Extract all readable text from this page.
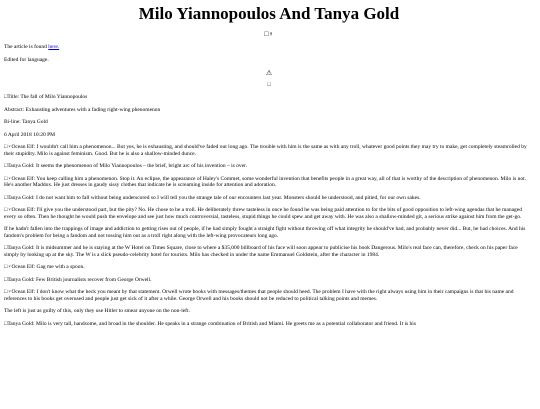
Milo Yiannopoulos And Tanya Gold
□♀

The article is found here.

Edited for language.

⚠
□

□Title: The fall of Milo Yiannopoulos

Abstract: Exhausting adventures with a fading right-wing phenomenon

Bi-line: Tanya Gold

6 April 2018 10:20 PM

□♀Ocean Elf: I wouldn't call him a phenomenon... But yes, he is exhausting, and should've faded out long ago. The trouble with him is the same as with any troll, whatever good points they may try to make, get completely steamrolled by their stupidity. Milo is against feminism. Good. But he is also a shallow-minded dunce.

□Tanya Gold: It seems the phenomenon of Milo Yiannopoulos – the brief, bright arc of his invention – is over.

□♀Ocean Elf: You keep calling him a phenomenon. Stop it. An eclipse, the appearance of Haley's Commet, some wonderful invention that benefits people in a great way, all of that is worthy of the description of phenomenon. Milo is not. He's another Maddox. He just dresses in gaudy sissy clothes that indicate he is screaming inside for attention and adoration.

□Tanya Gold: I do not want him to fall without being underscored so I will tell you the strange tale of our encounters last year. Monsters should be understood, and pitied, for our own sakes.

□♀Ocean Elf: I'll give you the understood part, but the pity? No. He chose to be a troll. He deliberately threw tasteless in once he found he was being paid attention to for the bits of good opposition to left-wing agendas that he managed every so often. Then he thought he would push the envelope and see just how much controversial, tasteless, stupid things he could spew and get away with. He was also a shallow-minded git, a serious strike against him from the get-go.

If he hadn't fallen into the trappings of image and addiction to getting rises out of people, if he had simply fought a straight fight without throwing off what integrity he should've had, and probably never did... But, he had choices. And his fandom's problem for being a fandom and not tossing him out as a troll right along with the left-wing provocateurs long ago.

□Tanya Gold: It is midsummer and he is staying at the W Hotel on Times Square, close to where a $35,000 billboard of his face will soon appear to publicise his book Dangerous. Milo's real face can, therefore, check on his paper face simply by looking up at the sky. The W is a slick pseudo-celebrity hotel for tourists. Milo has checked in under the name Emmanuel Goldstein, after the character in 1984.

□♀Ocean Elf: Gag me with a spoon.

□Tanya Gold: Few British journalists recover from George Orwell.

□♀Ocean Elf: I don't know what the heck you meant by that statement. Orwell wrote books with messages/themes that people should heed. The problem I have with the right always using him in their campaigns is that his name and references to his books get overused and people just get sick of it after a while. George Orwell and his books should not be reduced to political talking points and memes.

The left is just as guilty of this, only they use Hitler to smear anyone on the non-left.

□Tanya Gold: Milo is very tall, handsome, and broad in the shoulder. He speaks in a strange combination of British and Miami. He greets me as a potential collaborator and friend. It is his
